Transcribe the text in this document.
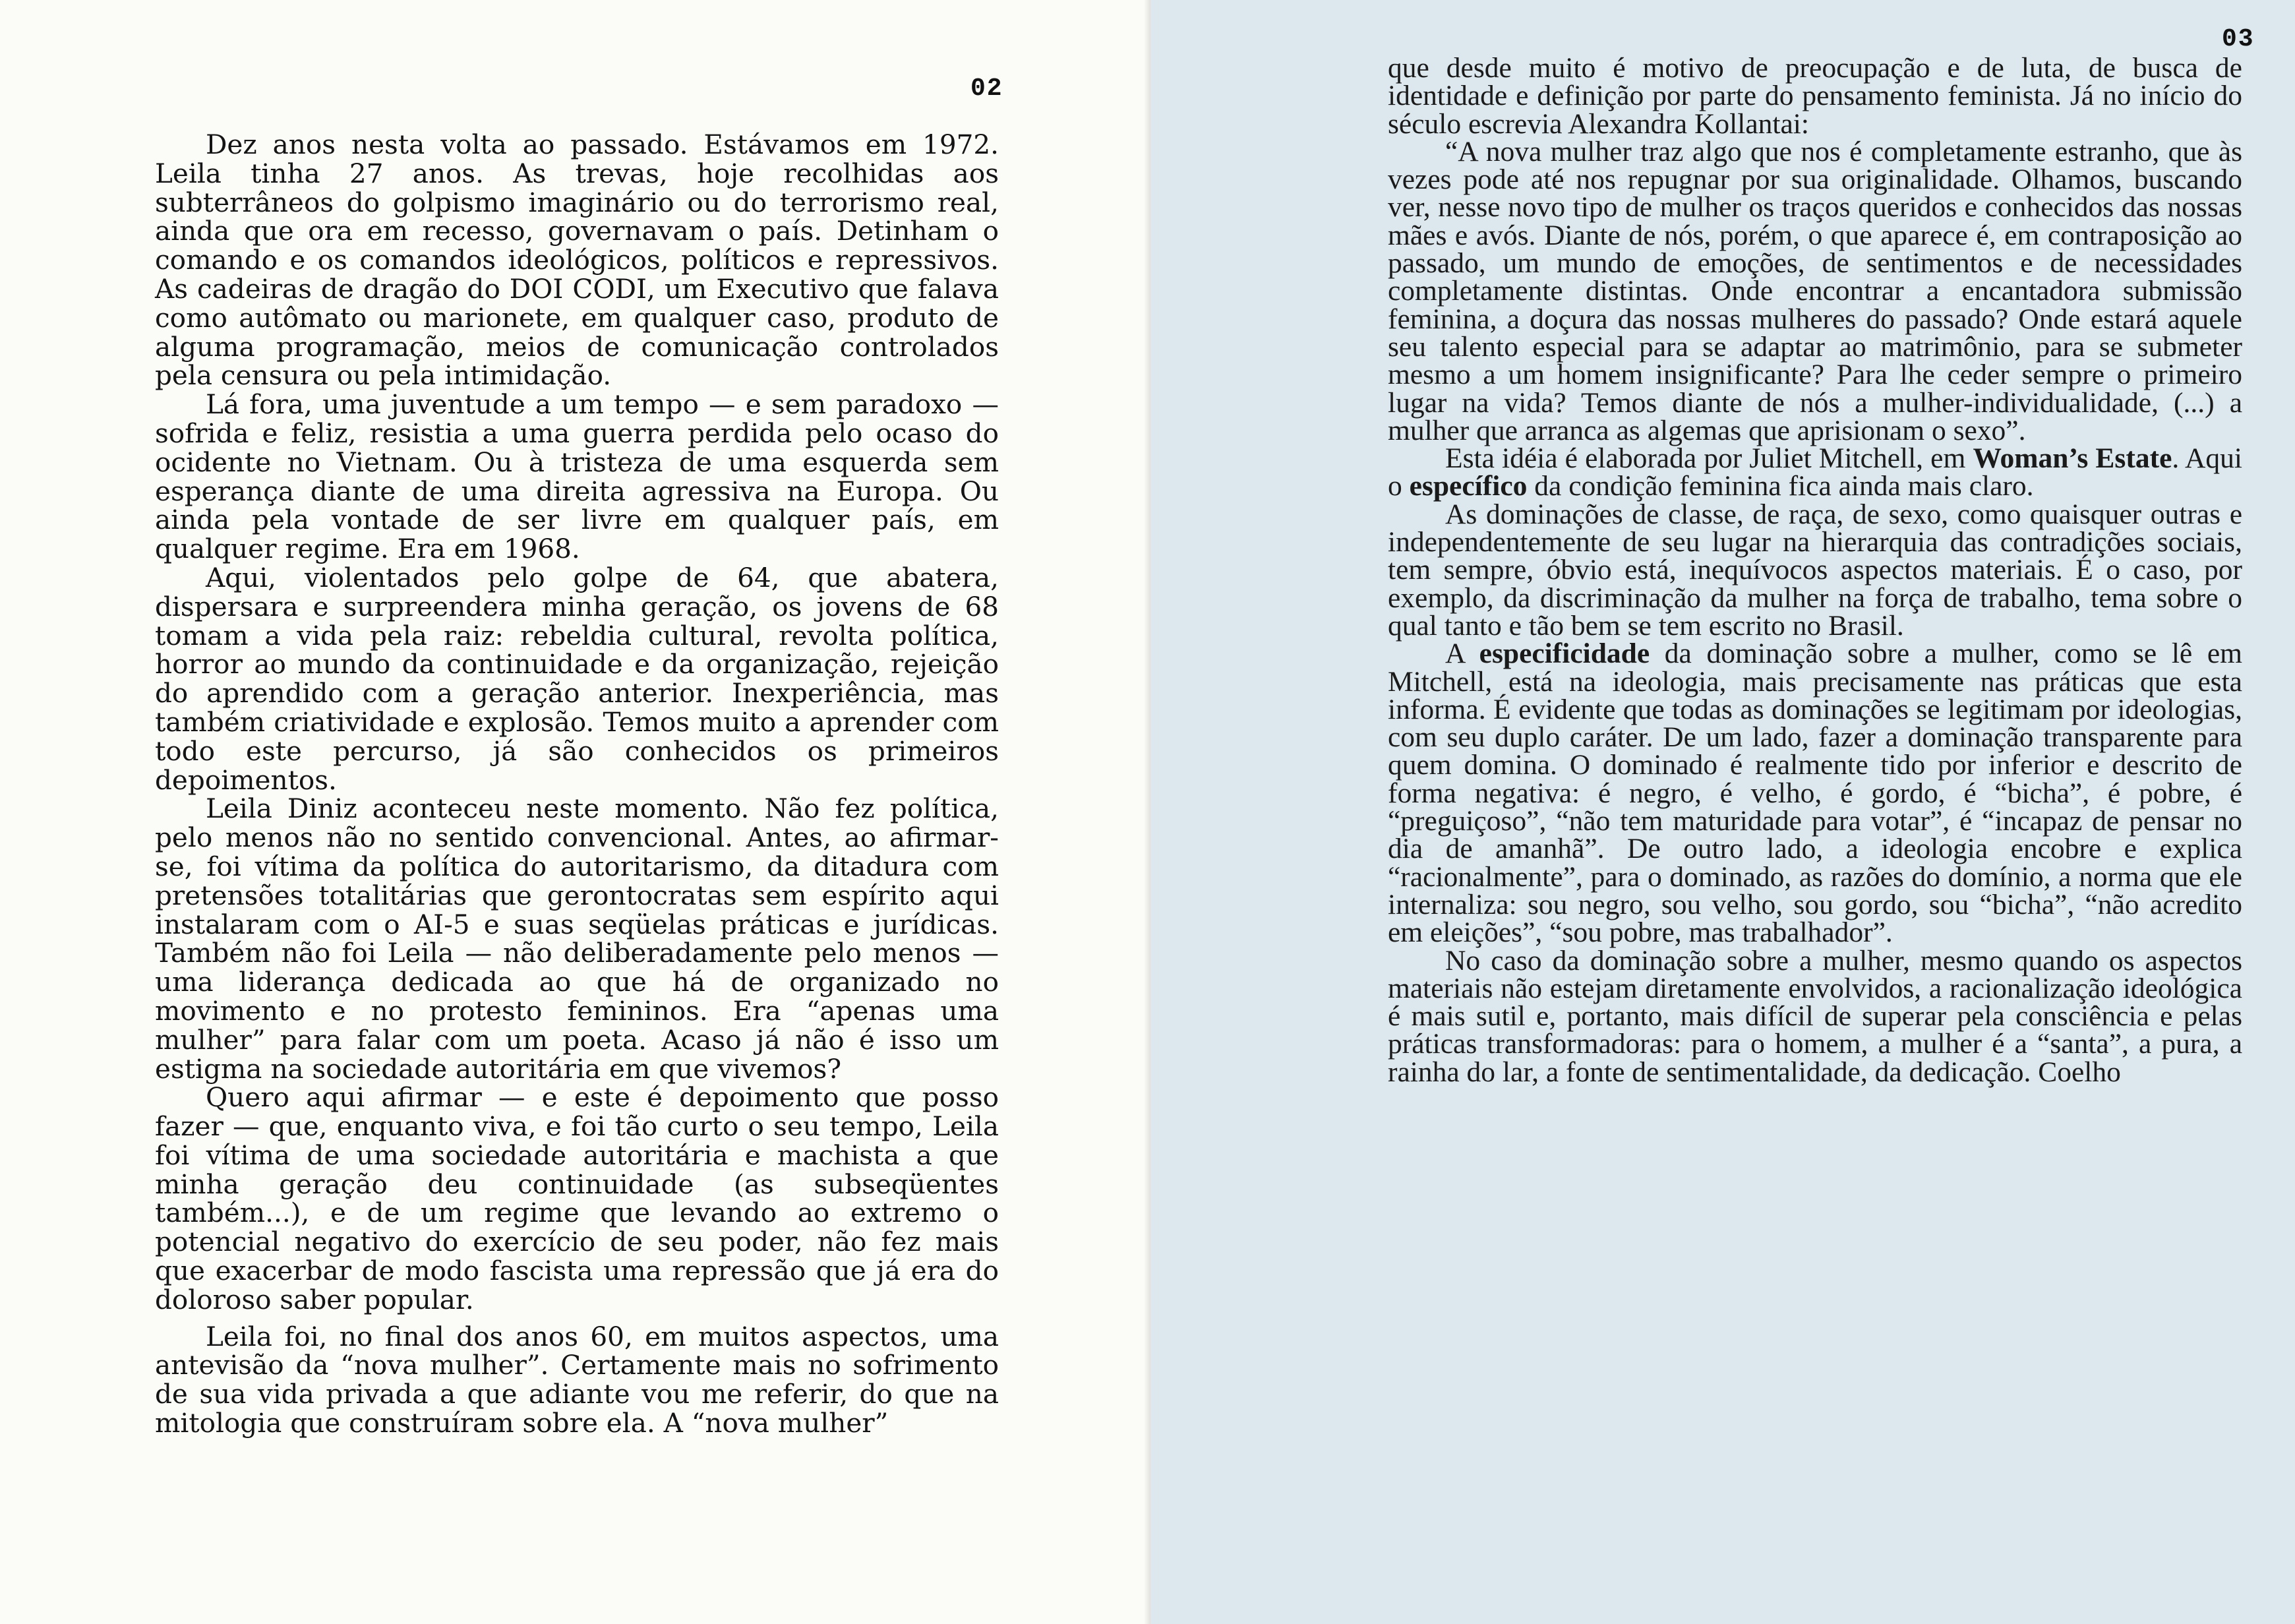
02

Dez anos nesta volta ao passado. Estávamos em 1972. Leila tinha 27 anos. As trevas, hoje recolhidas aos subterrâneos do golpismo imaginário ou do terrorismo real, ainda que ora em recesso, governavam o país. Detinham o comando e os comandos ideológicos, políticos e repressivos. As cadeiras de dragão do DOI CODI, um Executivo que falava como autômato ou marionete, em qualquer caso, produto de alguma programação, meios de comunicação controlados pela censura ou pela intimidação.

Lá fora, uma juventude a um tempo — e sem paradoxo — sofrida e feliz, resistia a uma guerra perdida pelo ocaso do ocidente no Vietnam. Ou à tristeza de uma esquerda sem esperança diante de uma direita agressiva na Europa. Ou ainda pela vontade de ser livre em qualquer país, em qualquer regime. Era em 1968.

Aqui, violentados pelo golpe de 64, que abatera, dispersara e surpreendera minha geração, os jovens de 68 tomam a vida pela raiz: rebeldia cultural, revolta política, horror ao mundo da continuidade e da organização, rejeição do aprendido com a geração anterior. Inexperiência, mas também criatividade e explosão. Temos muito a aprender com todo este percurso, já são conhecidos os primeiros depoimentos.

Leila Diniz aconteceu neste momento. Não fez política, pelo menos não no sentido convencional. Antes, ao afirmar-se, foi vítima da política do autoritarismo, da ditadura com pretensões totalitárias que gerontocratas sem espírito aqui instalaram com o AI-5 e suas seqüelas práticas e jurídicas. Também não foi Leila — não deliberadamente pelo menos — uma liderança dedicada ao que há de organizado no movimento e no protesto femininos. Era “apenas uma mulher” para falar com um poeta. Acaso já não é isso um estigma na sociedade autoritária em que vivemos?

Quero aqui afirmar — e este é depoimento que posso fazer — que, enquanto viva, e foi tão curto o seu tempo, Leila foi vítima de uma sociedade autoritária e machista a que minha geração deu continuidade (as subseqüentes também...), e de um regime que levando ao extremo o potencial negativo do exercício de seu poder, não fez mais que exacerbar de modo fascista uma repressão que já era do doloroso saber popular.

Leila foi, no final dos anos 60, em muitos aspectos, uma antevisão da “nova mulher”. Certamente mais no sofrimento de sua vida privada a que adiante vou me referir, do que na mitologia que construíram sobre ela. A “nova mulher”

03

que desde muito é motivo de preocupação e de luta, de busca de identidade e definição por parte do pensamento feminista. Já no início do século escrevia Alexandra Kollantai:

“A nova mulher traz algo que nos é completamente estranho, que às vezes pode até nos repugnar por sua originalidade. Olhamos, buscando ver, nesse novo tipo de mulher os traços queridos e conhecidos das nossas mães e avós. Diante de nós, porém, o que aparece é, em contraposição ao passado, um mundo de emoções, de sentimentos e de necessidades completamente distintas. Onde encontrar a encantadora submissão feminina, a doçura das nossas mulheres do passado? Onde estará aquele seu talento especial para se adaptar ao matrimônio, para se submeter mesmo a um homem insignificante? Para lhe ceder sempre o primeiro lugar na vida? Temos diante de nós a mulher-individualidade, (...) a mulher que arranca as algemas que aprisionam o sexo”.

Esta idéia é elaborada por Juliet Mitchell, em Woman’s Estate. Aqui o específico da condição feminina fica ainda mais claro.

As dominações de classe, de raça, de sexo, como quaisquer outras e independentemente de seu lugar na hierarquia das contradições sociais, tem sempre, óbvio está, inequívocos aspectos materiais. É o caso, por exemplo, da discriminação da mulher na força de trabalho, tema sobre o qual tanto e tão bem se tem escrito no Brasil.

A especificidade da dominação sobre a mulher, como se lê em Mitchell, está na ideologia, mais precisamente nas práticas que esta informa. É evidente que todas as dominações se legitimam por ideologias, com seu duplo caráter. De um lado, fazer a dominação transparente para quem domina. O dominado é realmente tido por inferior e descrito de forma negativa: é negro, é velho, é gordo, é “bicha”, é pobre, é “preguiçoso”, “não tem maturidade para votar”, é “incapaz de pensar no dia de amanhã”. De outro lado, a ideologia encobre e explica “racionalmente”, para o dominado, as razões do domínio, a norma que ele internaliza: sou negro, sou velho, sou gordo, sou “bicha”, “não acredito em eleições”, “sou pobre, mas trabalhador”.

No caso da dominação sobre a mulher, mesmo quando os aspectos materiais não estejam diretamente envolvidos, a racionalização ideológica é mais sutil e, portanto, mais difícil de superar pela consciência e pelas práticas transformadoras: para o homem, a mulher é a “santa”, a pura, a rainha do lar, a fonte de sentimentalidade, da dedicação. Coelho
